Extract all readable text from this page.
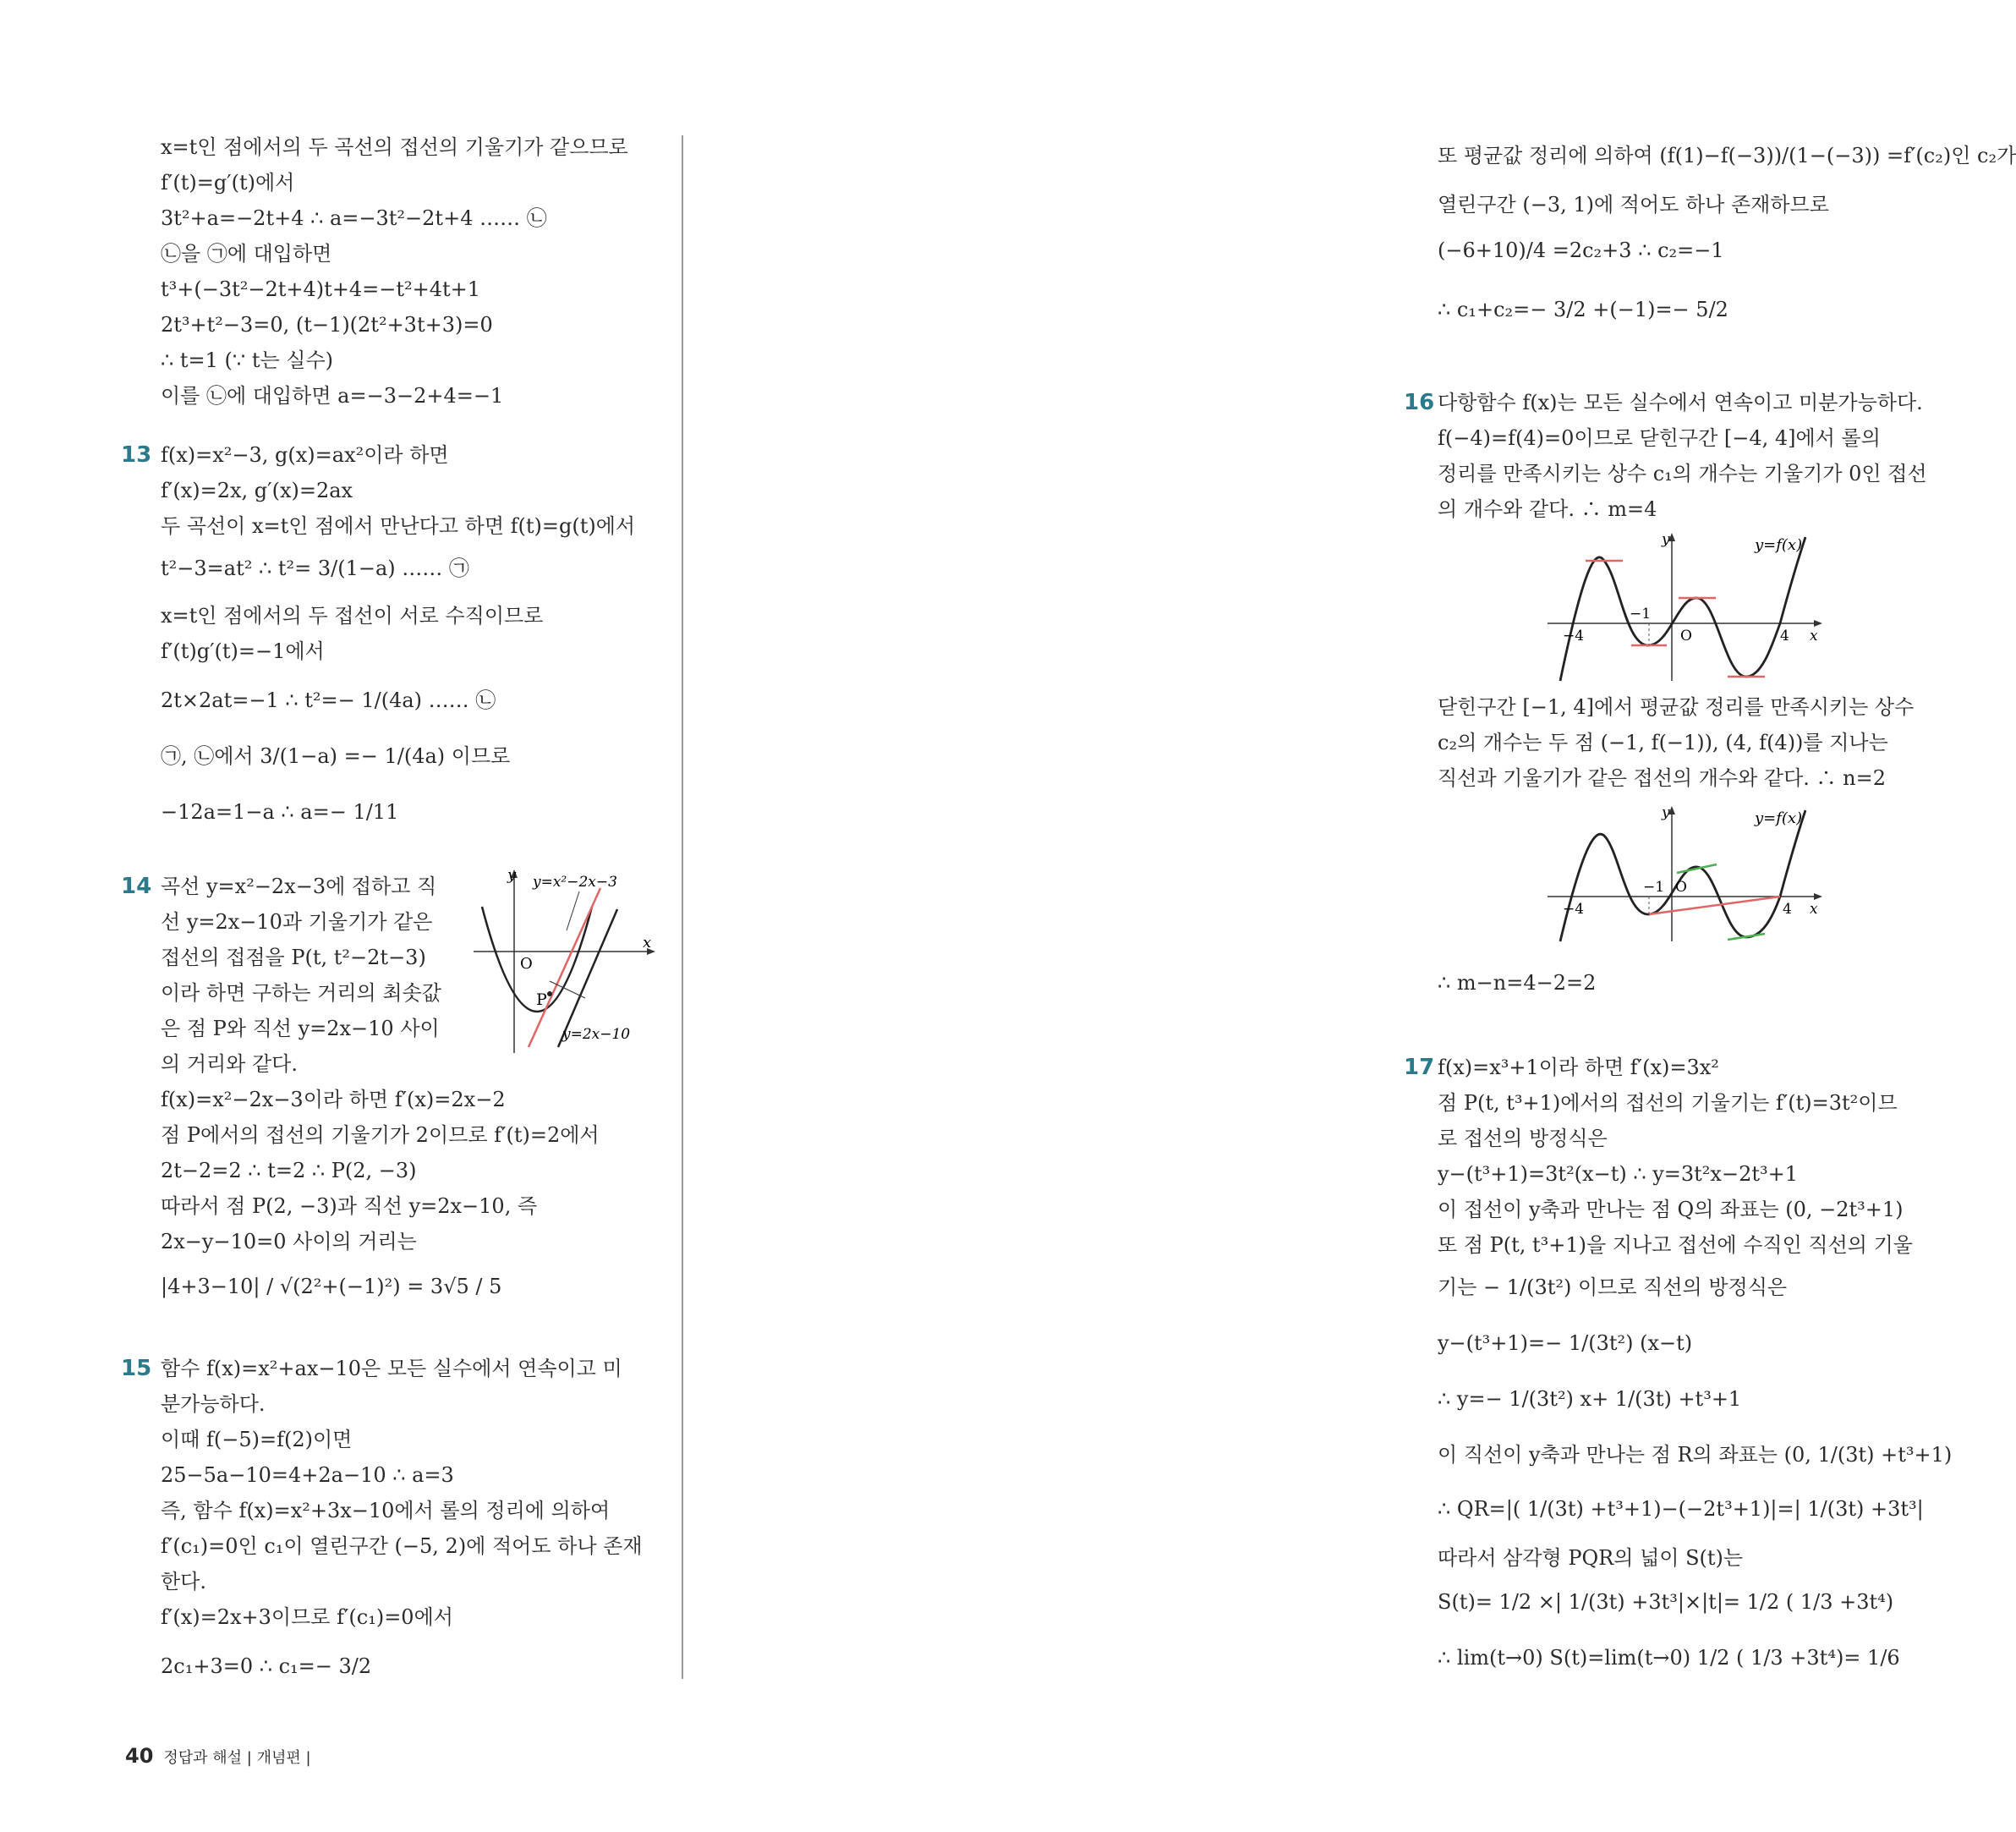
x=t인 점에서의 두 곡선의 접선의 기울기가 같으므로
f′(t)=g′(t)에서
3t²+a=−2t+4 ∴ a=−3t²−2t+4 …… ㉡
㉡을 ㉠에 대입하면
t³+(−3t²−2t+4)t+4=−t²+4t+1
2t³+t²−3=0, (t−1)(2t²+3t+3)=0
∴ t=1 (∵ t는 실수)
이를 ㉡에 대입하면 a=−3−2+4=−1
13 f(x)=x²−3, g(x)=ax²이라 하면
f′(x)=2x, g′(x)=2ax
두 곡선이 x=t인 점에서 만난다고 하면 f(t)=g(t)에서
t²−3=at² ∴ t²= 3/(1−a) …… ㉠
x=t인 점에서의 두 접선이 서로 수직이므로
f′(t)g′(t)=−1에서
2t×2at=−1 ∴ t²=− 1/(4a) …… ㉡
㉠, ㉡에서 3/(1−a) =− 1/(4a) 이므로
−12a=1−a ∴ a=− 1/11
14 곡선 y=x²−2x−3에 접하고 직
선 y=2x−10과 기울기가 같은
접선의 접점을 P(t, t²−2t−3)
이라 하면 구하는 거리의 최솟값
은 점 P와 직선 y=2x−10 사이
의 거리와 같다.
y
x
O
P
y=x²−2x−3
y=2x−10
f(x)=x²−2x−3이라 하면 f′(x)=2x−2
점 P에서의 접선의 기울기가 2이므로 f′(t)=2에서
2t−2=2 ∴ t=2 ∴ P(2, −3)
따라서 점 P(2, −3)과 직선 y=2x−10, 즉
2x−y−10=0 사이의 거리는
|4+3−10| / √(2²+(−1)²) = 3√5 / 5
15 함수 f(x)=x²+ax−10은 모든 실수에서 연속이고 미
분가능하다.
이때 f(−5)=f(2)이면
25−5a−10=4+2a−10 ∴ a=3
즉, 함수 f(x)=x²+3x−10에서 롤의 정리에 의하여
f′(c₁)=0인 c₁이 열린구간 (−5, 2)에 적어도 하나 존재
한다.
f′(x)=2x+3이므로 f′(c₁)=0에서
2c₁+3=0 ∴ c₁=− 3/2
또 평균값 정리에 의하여 (f(1)−f(−3))/(1−(−3)) =f′(c₂)인 c₂가
열린구간 (−3, 1)에 적어도 하나 존재하므로
(−6+10)/4 =2c₂+3 ∴ c₂=−1
∴ c₁+c₂=− 3/2 +(−1)=− 5/2
16 다항함수 f(x)는 모든 실수에서 연속이고 미분가능하다.
f(−4)=f(4)=0이므로 닫힌구간 [−4, 4]에서 롤의
정리를 만족시키는 상수 c₁의 개수는 기울기가 0인 접선
의 개수와 같다. ∴ m=4
y
x
O
y=f(x)
−4	4
−1
닫힌구간 [−1, 4]에서 평균값 정리를 만족시키는 상수
c₂의 개수는 두 점 (−1, f(−1)), (4, f(4))를 지나는
직선과 기울기가 같은 접선의 개수와 같다. ∴ n=2
y
x
O
y=f(x)
−4	4
−1
∴ m−n=4−2=2
17 f(x)=x³+1이라 하면 f′(x)=3x²
점 P(t, t³+1)에서의 접선의 기울기는 f′(t)=3t²이므
로 접선의 방정식은
y−(t³+1)=3t²(x−t) ∴ y=3t²x−2t³+1
이 접선이 y축과 만나는 점 Q의 좌표는 (0, −2t³+1)
또 점 P(t, t³+1)을 지나고 접선에 수직인 직선의 기울
기는 − 1/(3t²) 이므로 직선의 방정식은
y−(t³+1)=− 1/(3t²) (x−t)
∴ y=− 1/(3t²) x+ 1/(3t) +t³+1
이 직선이 y축과 만나는 점 R의 좌표는 (0, 1/(3t) +t³+1)
∴ QR=|( 1/(3t) +t³+1)−(−2t³+1)|=| 1/(3t) +3t³|
따라서 삼각형 PQR의 넓이 S(t)는
S(t)= 1/2 ×| 1/(3t) +3t³|×|t|= 1/2 ( 1/3 +3t⁴)
∴ lim(t→0) S(t)=lim(t→0) 1/2 ( 1/3 +3t⁴)= 1/6
40 정답과 해설 | 개념편 |
